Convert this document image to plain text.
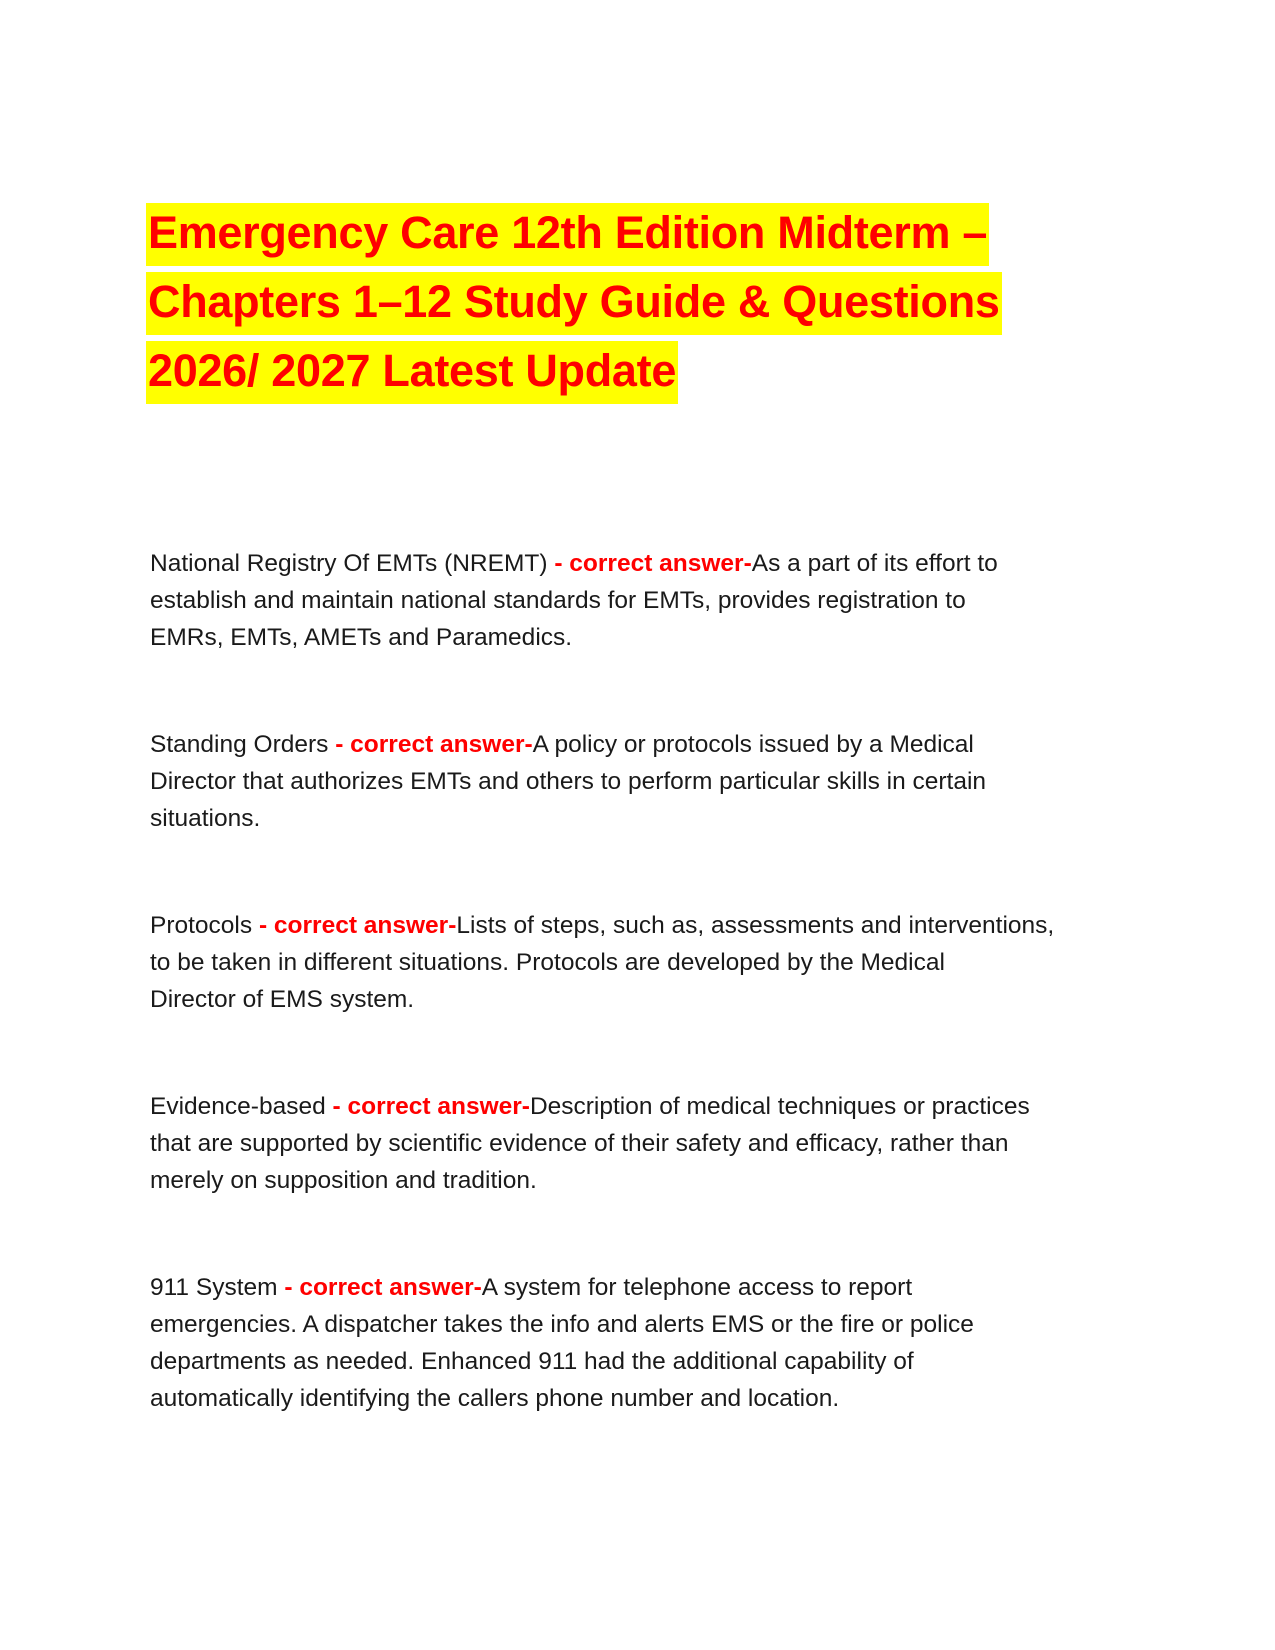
Emergency Care 12th Edition Midterm –
Chapters 1–12 Study Guide & Questions
2026/ 2027 Latest Update

National Registry Of EMTs (NREMT) - correct answer-As a part of its effort to

establish and maintain national standards for EMTs, provides registration to

EMRs, EMTs, AMETs and Paramedics.

Standing Orders - correct answer-A policy or protocols issued by a Medical

Director that authorizes EMTs and others to perform particular skills in certain

situations.

Protocols - correct answer-Lists of steps, such as, assessments and interventions,

to be taken in different situations. Protocols are developed by the Medical

Director of EMS system.

Evidence-based - correct answer-Description of medical techniques or practices

that are supported by scientific evidence of their safety and efficacy, rather than

merely on supposition and tradition.

911 System - correct answer-A system for telephone access to report

emergencies. A dispatcher takes the info and alerts EMS or the fire or police

departments as needed. Enhanced 911 had the additional capability of

automatically identifying the callers phone number and location.
